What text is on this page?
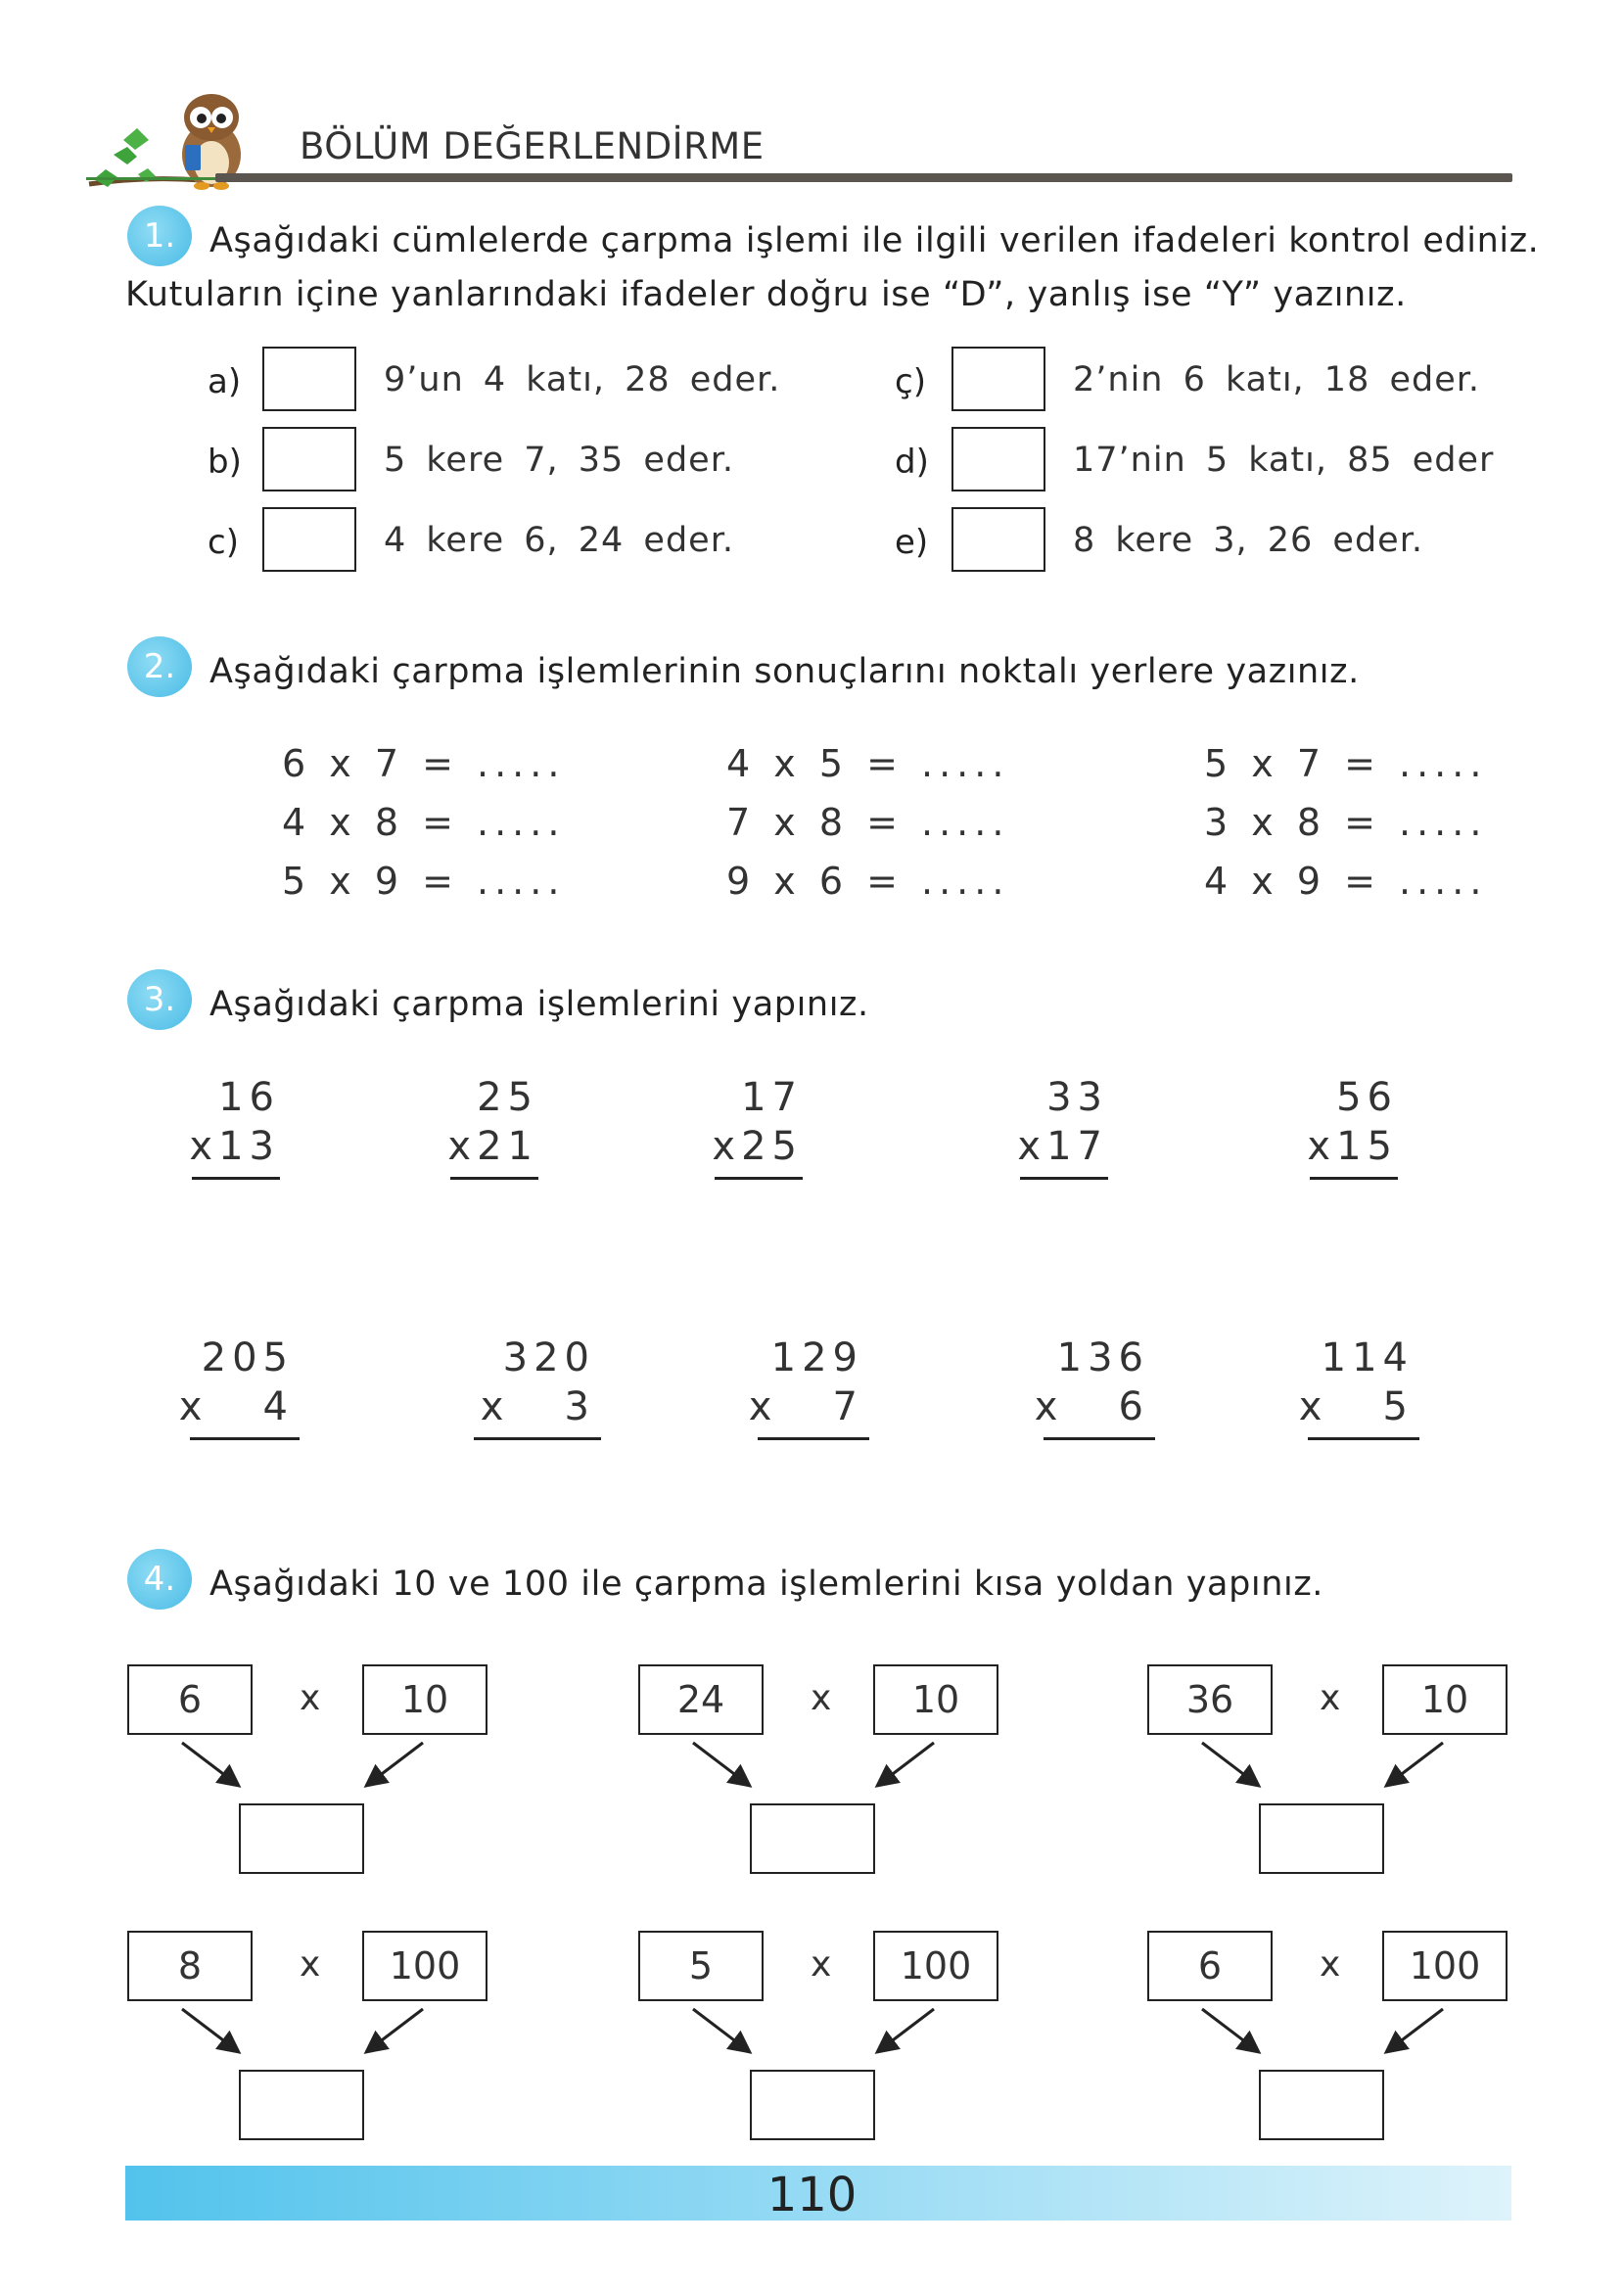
BÖLÜM DEĞERLENDİRME
1. Aşağıdaki cümlelerde çarpma işlemi ile ilgili verilen ifadeleri kontrol ediniz.
Kutuların içine yanlarındaki ifadeler doğru ise “D”, yanlış ise “Y” yazınız.
a)	9’un 4 katı, 28 eder.
b)	5 kere 7, 35 eder.
c)	4 kere 6, 24 eder.
ç)	2’nin 6 katı, 18 eder.
d)	17’nin 5 katı, 85 eder
e)	8 kere 3, 26 eder.
2. Aşağıdaki çarpma işlemlerinin sonuçlarını noktalı yerlere yazınız.
6 x 7 = .....
4 x 8 = .....
5 x 9 = .....
4 x 5 = .....
7 x 8 = .....
9 x 6 = .....
5 x 7 = .....
3 x 8 = .....
4 x 9 = .....
3. Aşağıdaki çarpma işlemlerini yapınız.
16
x13
25
x21
17
x25
33
x17
56
x15
205
x   4
320
x   3
129
x   7
136
x   6
114
x   5
4. Aşağıdaki 10 ve 100 ile çarpma işlemlerini kısa yoldan yapınız.
6	x	10	24	x	10	36	x	10
8	x	100	5	x	100	6	x	100
110
